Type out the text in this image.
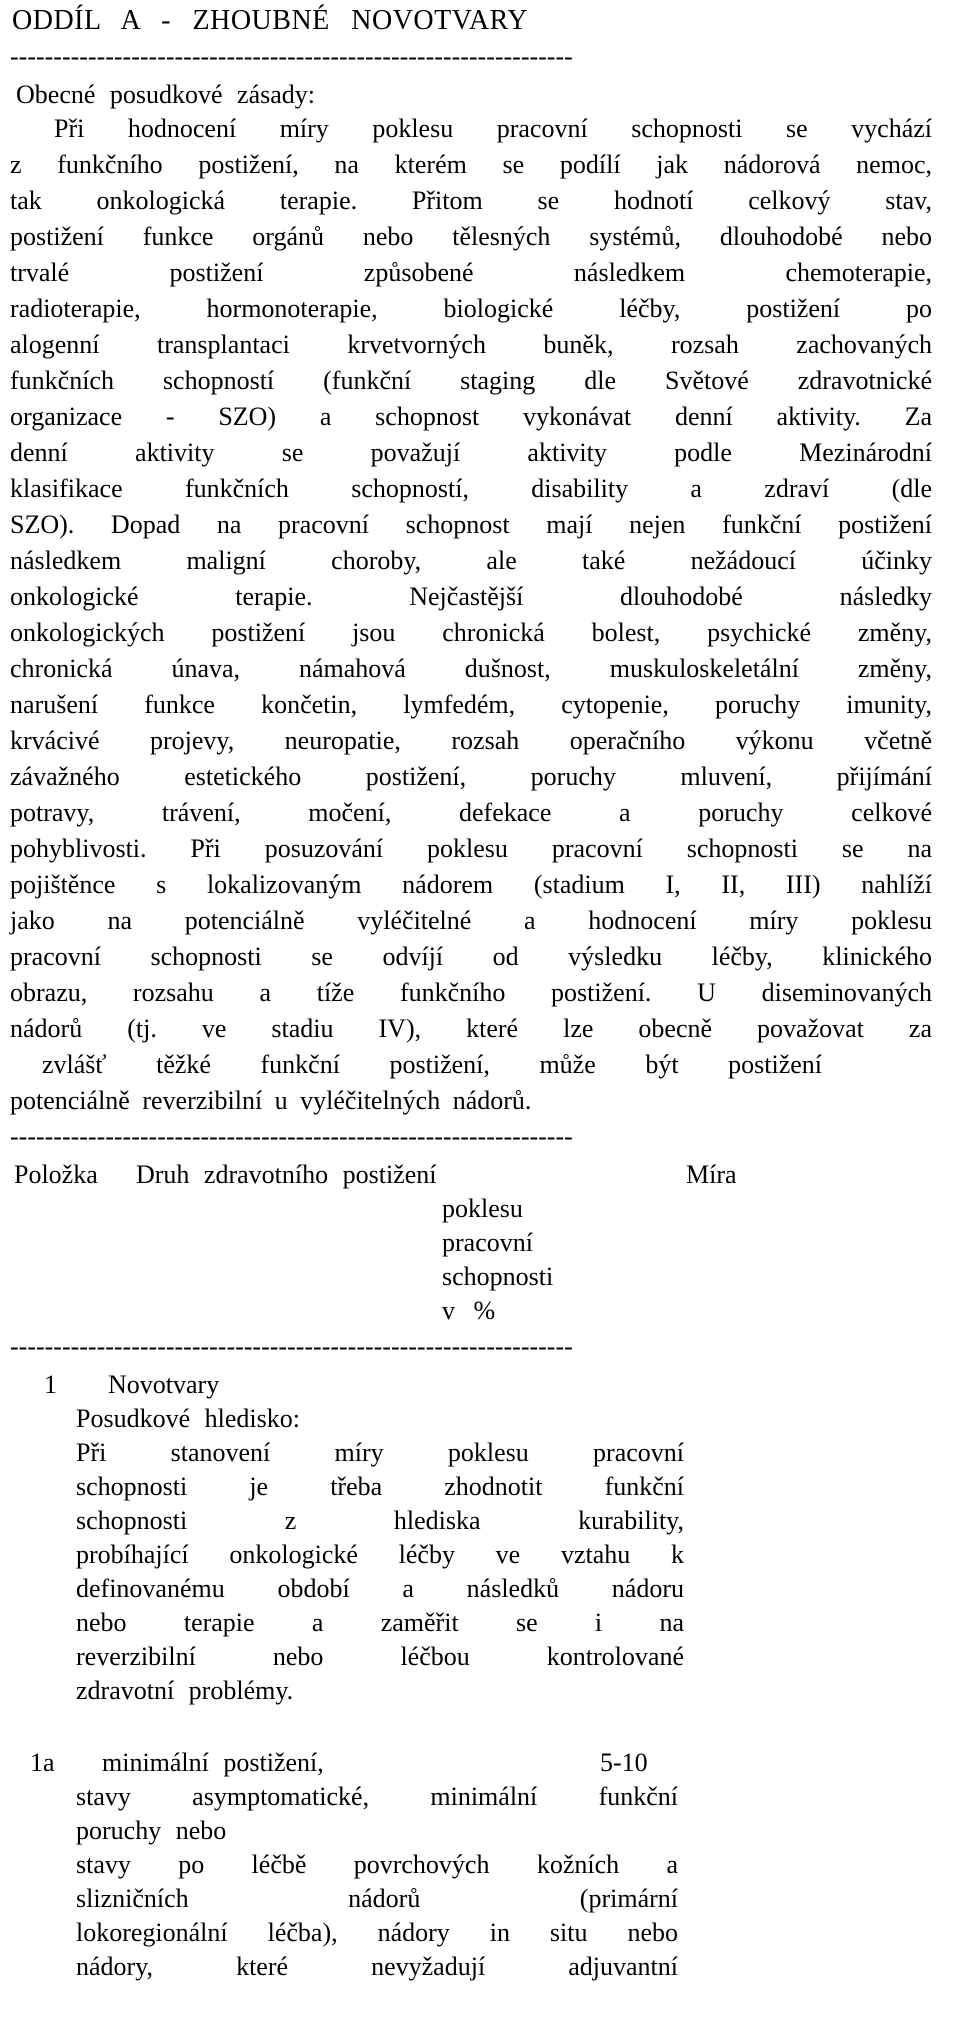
ODDÍL A - ZHOUBNÉ NOVOTVARY
-----------------------------------------------------------------
Obecné posudkové zásady:
Při hodnocení míry poklesu pracovní schopnosti se vychází
z funkčního postižení, na kterém se podílí jak nádorová nemoc,
tak onkologická terapie. Přitom se hodnotí celkový stav,
postižení funkce orgánů nebo tělesných systémů, dlouhodobé nebo
trvalé postižení způsobené následkem chemoterapie,
radioterapie, hormonoterapie, biologické léčby, postižení po
alogenní transplantaci krvetvorných buněk, rozsah zachovaných
funkčních schopností (funkční staging dle Světové zdravotnické
organizace - SZO) a schopnost vykonávat denní aktivity. Za
denní aktivity se považují aktivity podle Mezinárodní
klasifikace funkčních schopností, disability a zdraví (dle
SZO). Dopad na pracovní schopnost mají nejen funkční postižení
následkem maligní choroby, ale také nežádoucí účinky
onkologické terapie. Nejčastější dlouhodobé následky
onkologických postižení jsou chronická bolest, psychické změny,
chronická únava, námahová dušnost, muskuloskeletální změny,
narušení funkce končetin, lymfedém, cytopenie, poruchy imunity,
krvácivé projevy, neuropatie, rozsah operačního výkonu včetně
závažného estetického postižení, poruchy mluvení, přijímání
potravy, trávení, močení, defekace a poruchy celkové
pohyblivosti. Při posuzování poklesu pracovní schopnosti se na
pojištěnce s lokalizovaným nádorem (stadium I, II, III) nahlíží
jako na potenciálně vyléčitelné a hodnocení míry poklesu
pracovní schopnosti se odvíjí od výsledku léčby, klinického
obrazu, rozsahu a tíže funkčního postižení. U diseminovaných
nádorů (tj. ve stadiu IV), které lze obecně považovat za
zvlášť těžké funkční postižení, může být postižení
potenciálně reverzibilní u vyléčitelných nádorů.
-----------------------------------------------------------------
Položka Druh zdravotního postižení	Míra
poklesu
pracovní
schopnosti
v %
-----------------------------------------------------------------
1 Novotvary
Posudkové hledisko:
Při stanovení míry poklesu pracovní
schopnosti je třeba zhodnotit funkční
schopnosti z hlediska kurability,
probíhající onkologické léčby ve vztahu k
definovanému období a následků nádoru
nebo terapie a zaměřit se i na
reverzibilní nebo léčbou kontrolované
zdravotní problémy.
1a minimální postižení,	5-10
stavy asymptomatické, minimální funkční
poruchy nebo
stavy po léčbě povrchových kožních a
slizničních nádorů (primární
lokoregionální léčba), nádory in situ nebo
nádory, které nevyžadují adjuvantní
